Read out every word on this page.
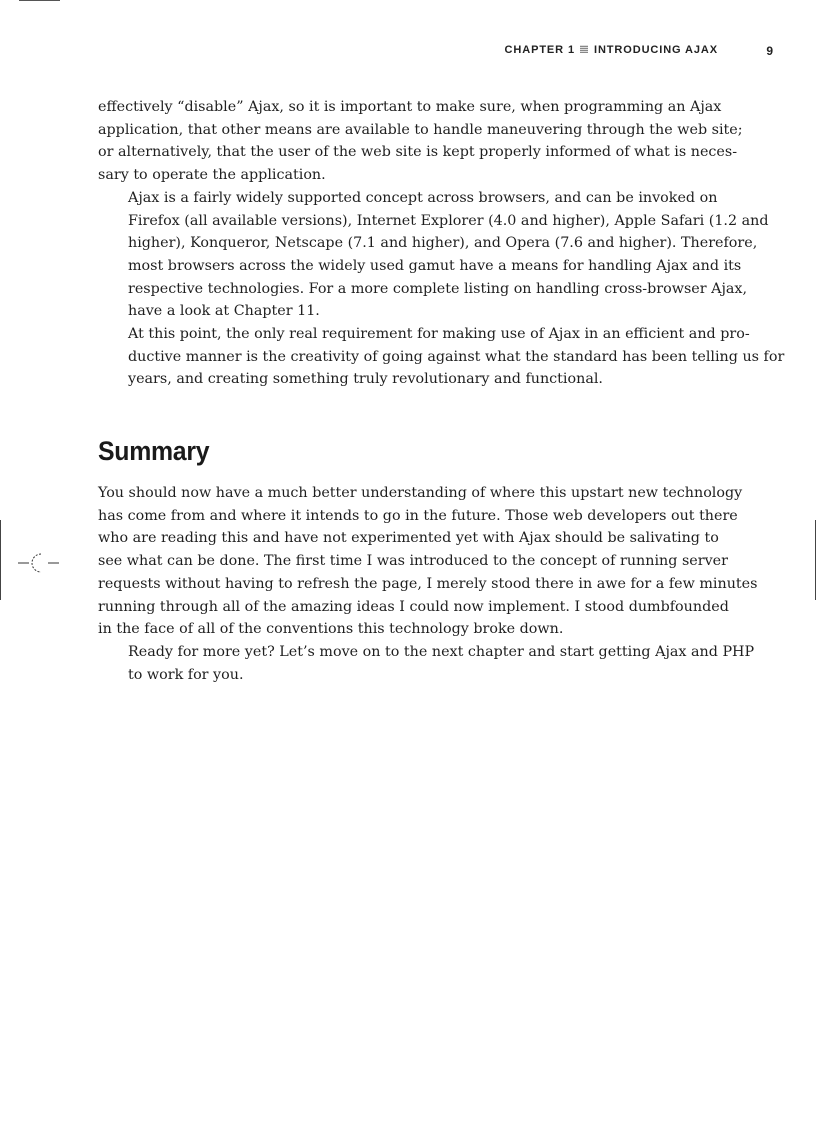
CHAPTER 1 INTRODUCING AJAX	9

effectively “disable” Ajax, so it is important to make sure, when programming an Ajax
application, that other means are available to handle maneuvering through the web site;
or alternatively, that the user of the web site is kept properly informed of what is neces-
sary to operate the application.

Ajax is a fairly widely supported concept across browsers, and can be invoked on
Firefox (all available versions), Internet Explorer (4.0 and higher), Apple Safari (1.2 and
higher), Konqueror, Netscape (7.1 and higher), and Opera (7.6 and higher). Therefore,
most browsers across the widely used gamut have a means for handling Ajax and its
respective technologies. For a more complete listing on handling cross-browser Ajax,
have a look at Chapter 11.

At this point, the only real requirement for making use of Ajax in an efficient and pro-
ductive manner is the creativity of going against what the standard has been telling us for
years, and creating something truly revolutionary and functional.

Summary

You should now have a much better understanding of where this upstart new technology
has come from and where it intends to go in the future. Those web developers out there
who are reading this and have not experimented yet with Ajax should be salivating to
see what can be done. The first time I was introduced to the concept of running server
requests without having to refresh the page, I merely stood there in awe for a few minutes
running through all of the amazing ideas I could now implement. I stood dumbfounded
in the face of all of the conventions this technology broke down.

Ready for more yet? Let’s move on to the next chapter and start getting Ajax and PHP
to work for you.
